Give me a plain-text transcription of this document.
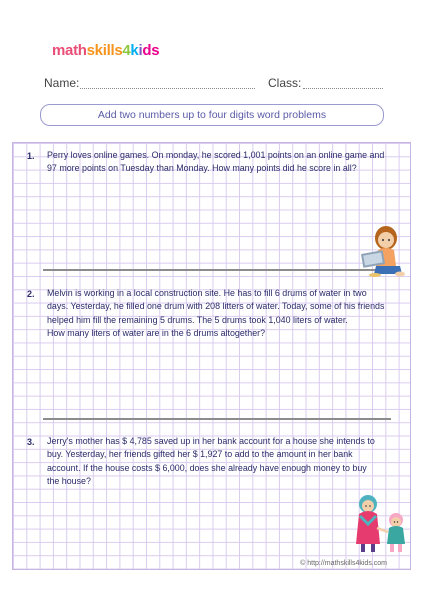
mathskills4kids
Name:	Class:
Add two numbers up to four digits word problems
1. Perry loves online games. On monday, he scored 1,001 points on an online game and
97 more points on Tuesday than Monday. How many points did he score in all?
2. Melvin is working in a local construction site. He has to fill 6 drums of water in two
days. Yesterday, he filled one drum with 208 litters of water. Today, some of his friends
helped him fill the remaining 5 drums. The 5 drums took 1,040 liters of water.
How many liters of water are in the 6 drums altogether?
3. Jerry's mother has $ 4,785 saved up in her bank account for a house she intends to
buy. Yesterday, her friends gifted her $ 1,927 to add to the amount in her bank
account. If the house costs $ 6,000, does she already have enough money to buy
the house?
© http://mathskills4kids.com
